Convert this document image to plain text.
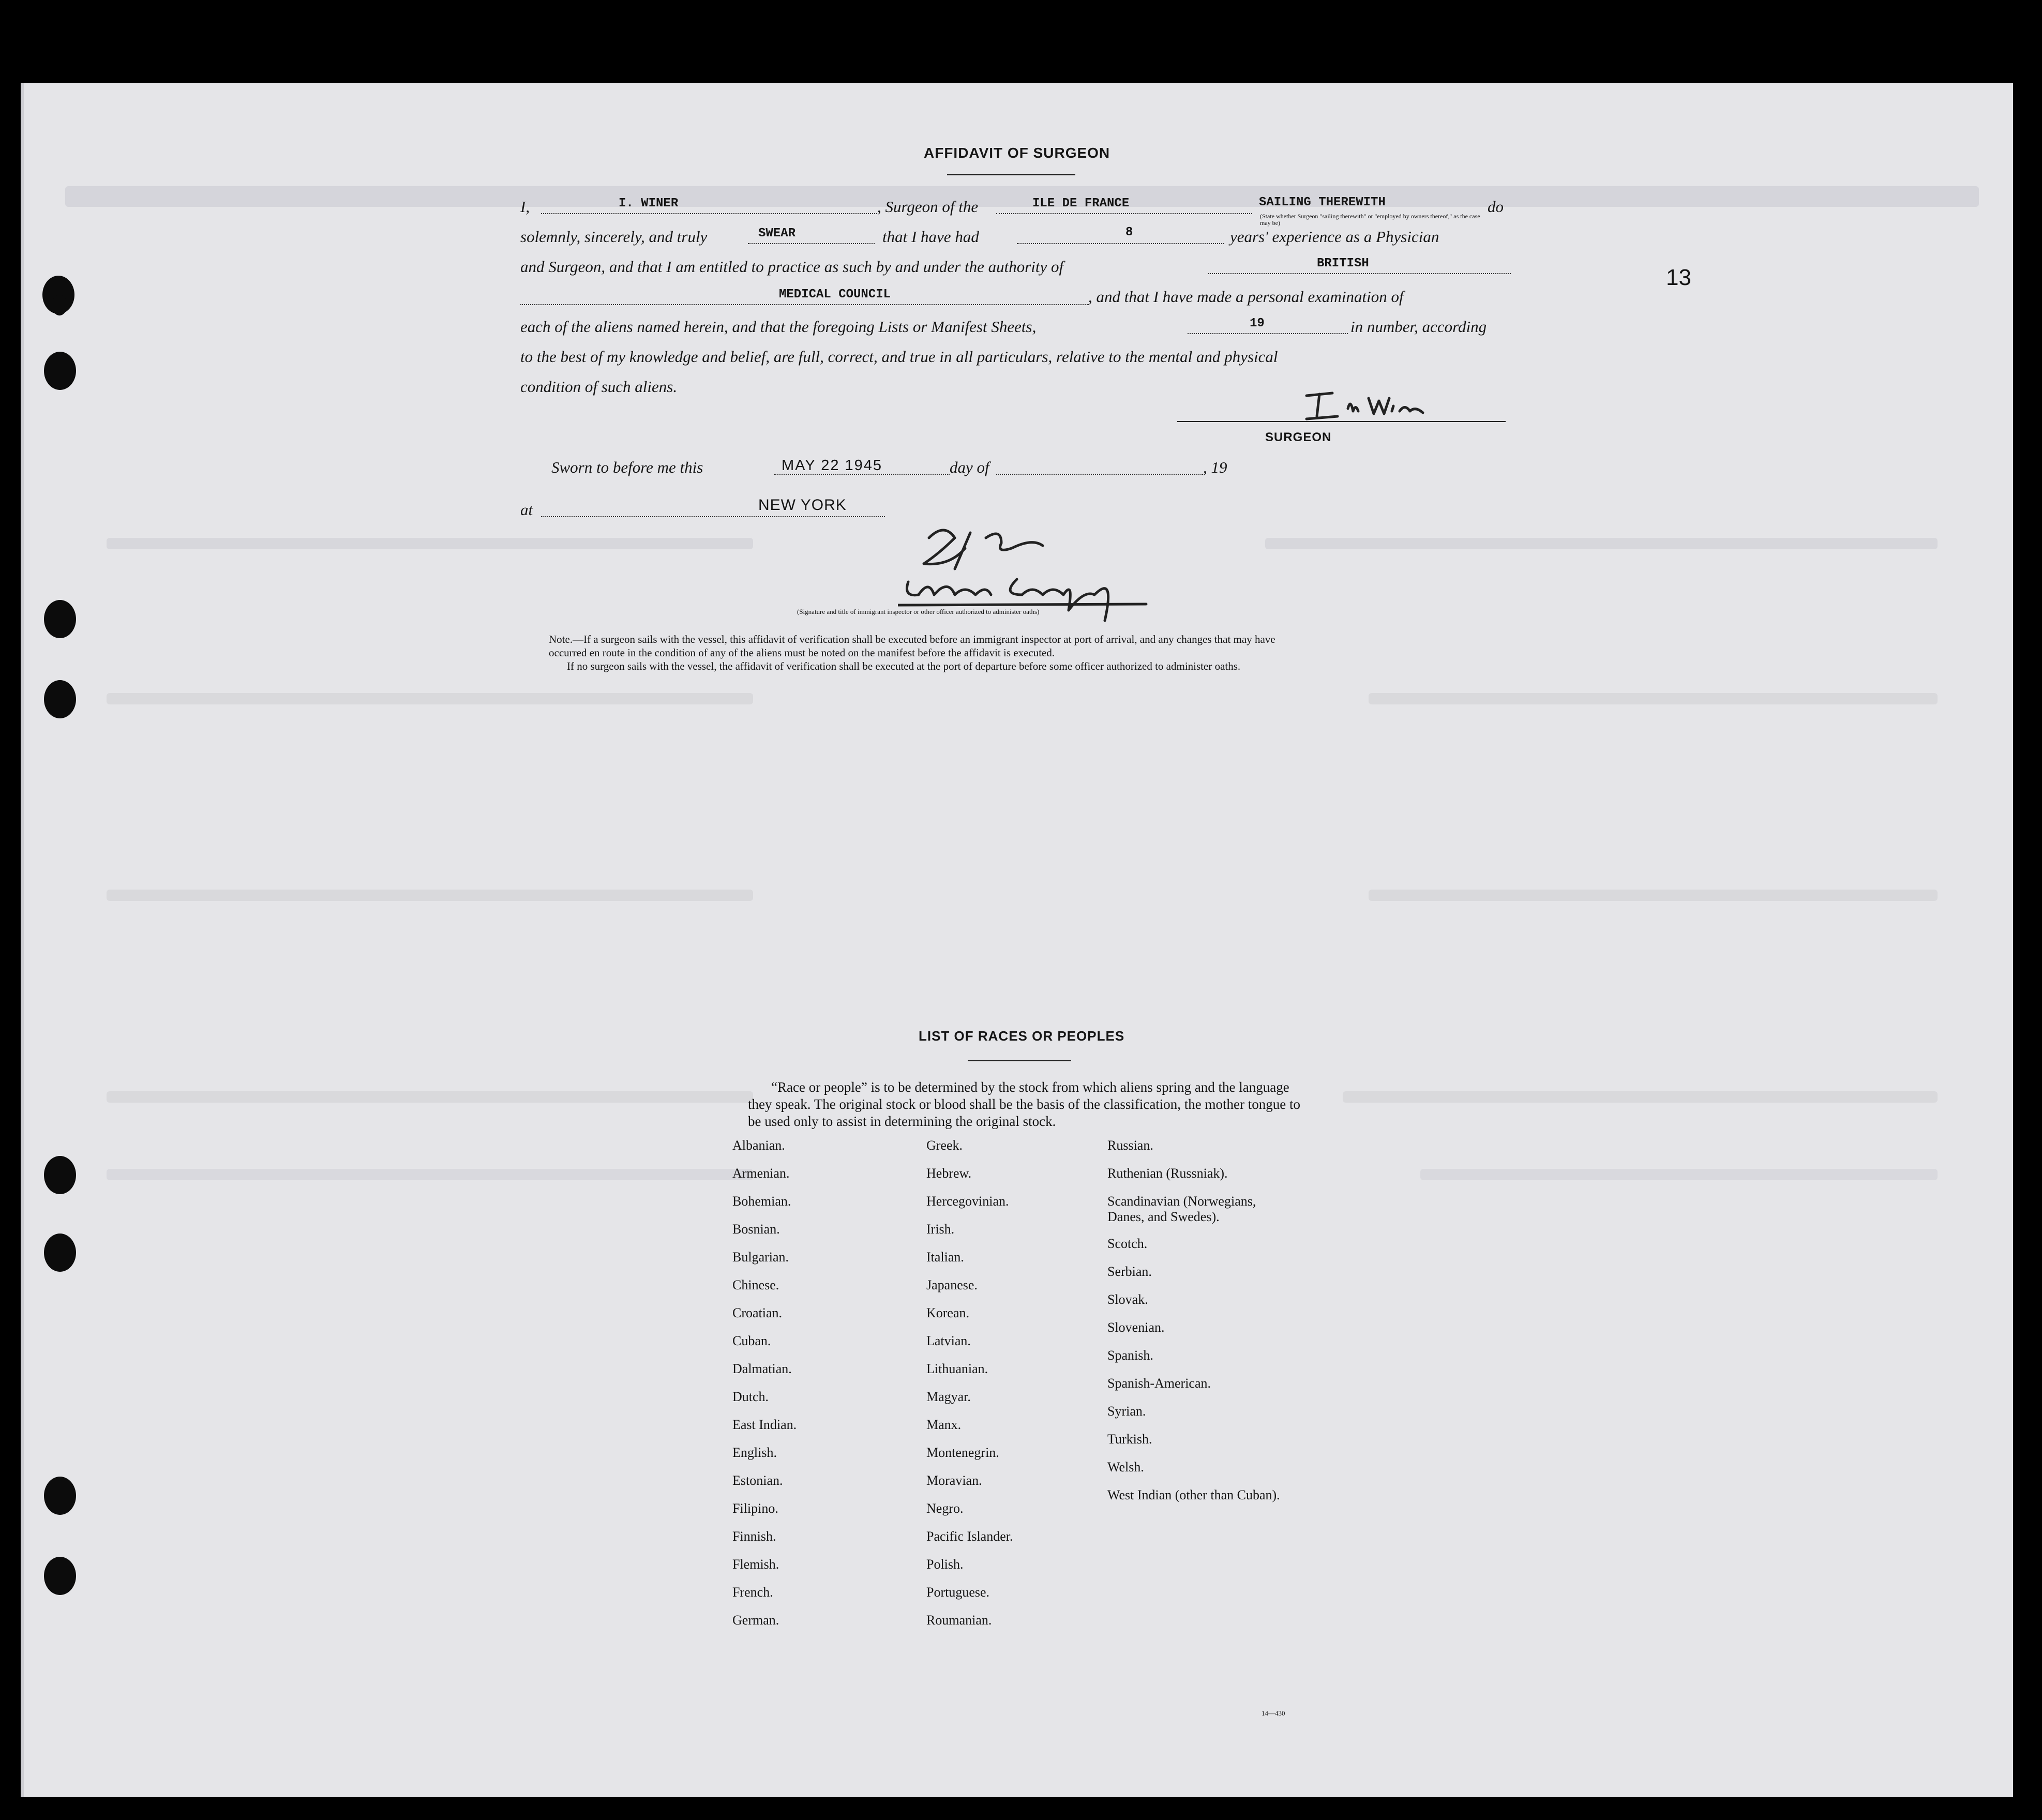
13
AFFIDAVIT OF SURGEON
I,	I. WINER	, Surgeon of the	ILE DE FRANCE	SAILING THEREWITH	do
(State whether Surgeon "sailing therewith" or "employed by owners thereof," as the case may be)
solemnly, sincerely, and truly	SWEAR	that I have had	8	years' experience as a Physician
and Surgeon, and that I am entitled to practice as such by and under the authority of	BRITISH
MEDICAL COUNCIL	, and that I have made a personal examination of
each of the aliens named herein, and that the foregoing Lists or Manifest Sheets,	19	in number, according
to the best of my knowledge and belief, are full, correct, and true in all particulars, relative to the mental and physical
condition of such aliens.
SURGEON
Sworn to before me this	MAY 22 1945	day of	, 19
at	NEW YORK
(Signature and title of immigrant inspector or other officer authorized to administer oaths)
Note.—If a surgeon sails with the vessel, this affidavit of verification shall be executed before an immigrant inspector at port of arrival, and any changes that may have
occurred en route in the condition of any of the aliens must be noted on the manifest before the affidavit is executed.
If no surgeon sails with the vessel, the affidavit of verification shall be executed at the port of departure before some officer authorized to administer oaths.
LIST OF RACES OR PEOPLES
“Race or people” is to be determined by the stock from which aliens spring and the language they speak. The original stock or blood shall be the basis of the classification, the mother tongue to be used only to assist in determining the original stock.
Albanian.
Armenian.
Bohemian.
Bosnian.
Bulgarian.
Chinese.
Croatian.
Cuban.
Dalmatian.
Dutch.
East Indian.
English.
Estonian.
Filipino.
Finnish.
Flemish.
French.
German.
Greek.
Hebrew.
Hercegovinian.
Irish.
Italian.
Japanese.
Korean.
Latvian.
Lithuanian.
Magyar.
Manx.
Montenegrin.
Moravian.
Negro.
Pacific Islander.
Polish.
Portuguese.
Roumanian.
Russian.
Ruthenian (Russniak).
Scandinavian (Norwegians, Danes, and Swedes).
Scotch.
Serbian.
Slovak.
Slovenian.
Spanish.
Spanish-American.
Syrian.
Turkish.
Welsh.
West Indian (other than Cuban).
14—430
